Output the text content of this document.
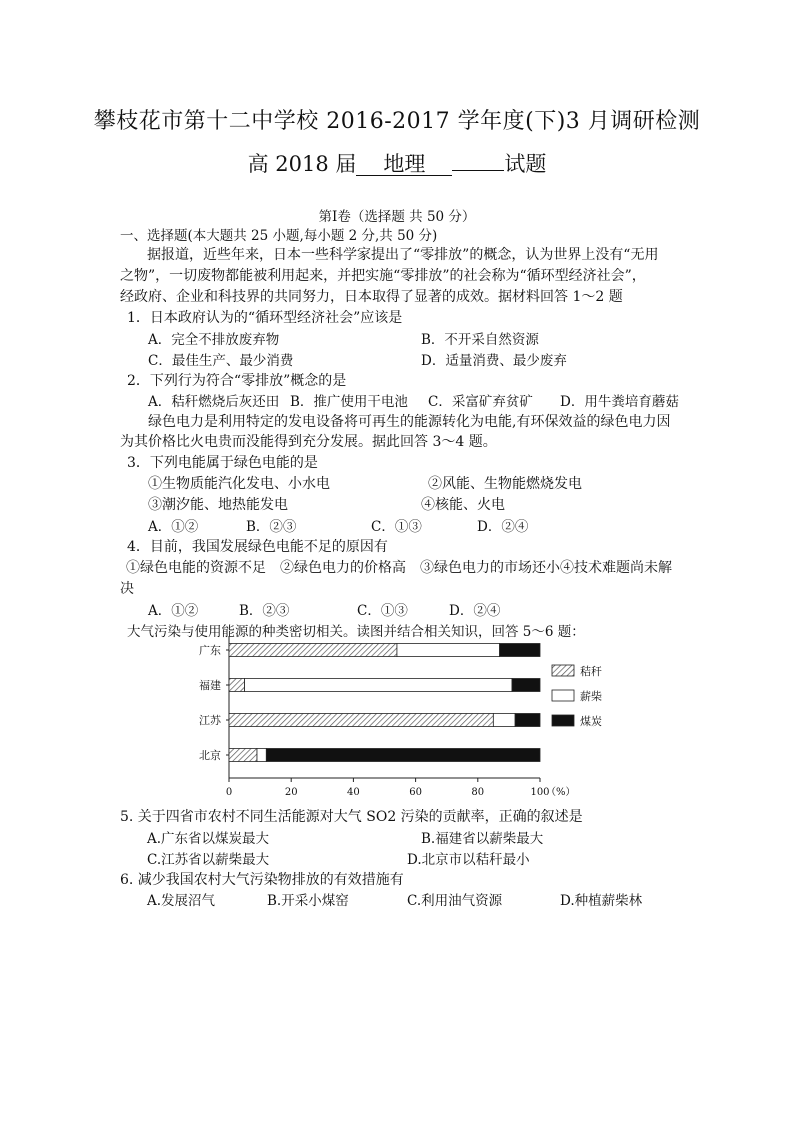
攀枝花市第十二中学校 2016-2017 学年度(下)3 月调研检测
高 2018 届 地理	试题
第Ⅰ卷（选择题 共 50 分）
一、选择题(本大题共 25 小题,每小题 2 分,共 50 分)
据报道，近些年来，日本一些科学家提出了“零排放”的概念，认为世界上没有“无用
之物”，一切废物都能被利用起来，并把实施“零排放”的社会称为“循环型经济社会”，
经政府、企业和科技界的共同努力，日本取得了显著的成效。据材料回答 1～2 题
1．日本政府认为的“循环型经济社会”应该是
A．完全不排放废弃物	B．不开采自然资源
C．最佳生产、最少消费	D．适量消费、最少废弃
2．下列行为符合“零排放”概念的是
A．秸秆燃烧后灰还田 B．推广使用干电池 C．采富矿弃贫矿 D．用牛粪培育蘑菇
绿色电力是利用特定的发电设备将可再生的能源转化为电能,有环保效益的绿色电力因
为其价格比火电贵而没能得到充分发展。据此回答 3～4 题。
3．下列电能属于绿色电能的是
①生物质能汽化发电、小水电	②风能、生物能燃烧发电
③潮汐能、地热能发电	④核能、火电
A．①②	B．②③	C．①③	D．②④
4．目前，我国发展绿色电能不足的原因有
①绿色电能的资源不足　②绿色电力的价格高　③绿色电力的市场还小④技术难题尚未解
决
A．①②	B．②③	C．①③	D．②④
大气污染与使用能源的种类密切相关。读图并结合相关知识，回答 5～6 题：
广东
福建
江苏
北京
0	20	40	60	80	100
（%）
秸秆
薪柴
煤炭
5. 关于四省市农村不同生活能源对大气 SO2 污染的贡献率，正确的叙述是
A.广东省以煤炭最大	B.福建省以薪柴最大
C.江苏省以薪柴最大	D.北京市以秸秆最小
6. 减少我国农村大气污染物排放的有效措施有
A.发展沼气	B.开采小煤窑	C.利用油气资源	D.种植薪柴林
